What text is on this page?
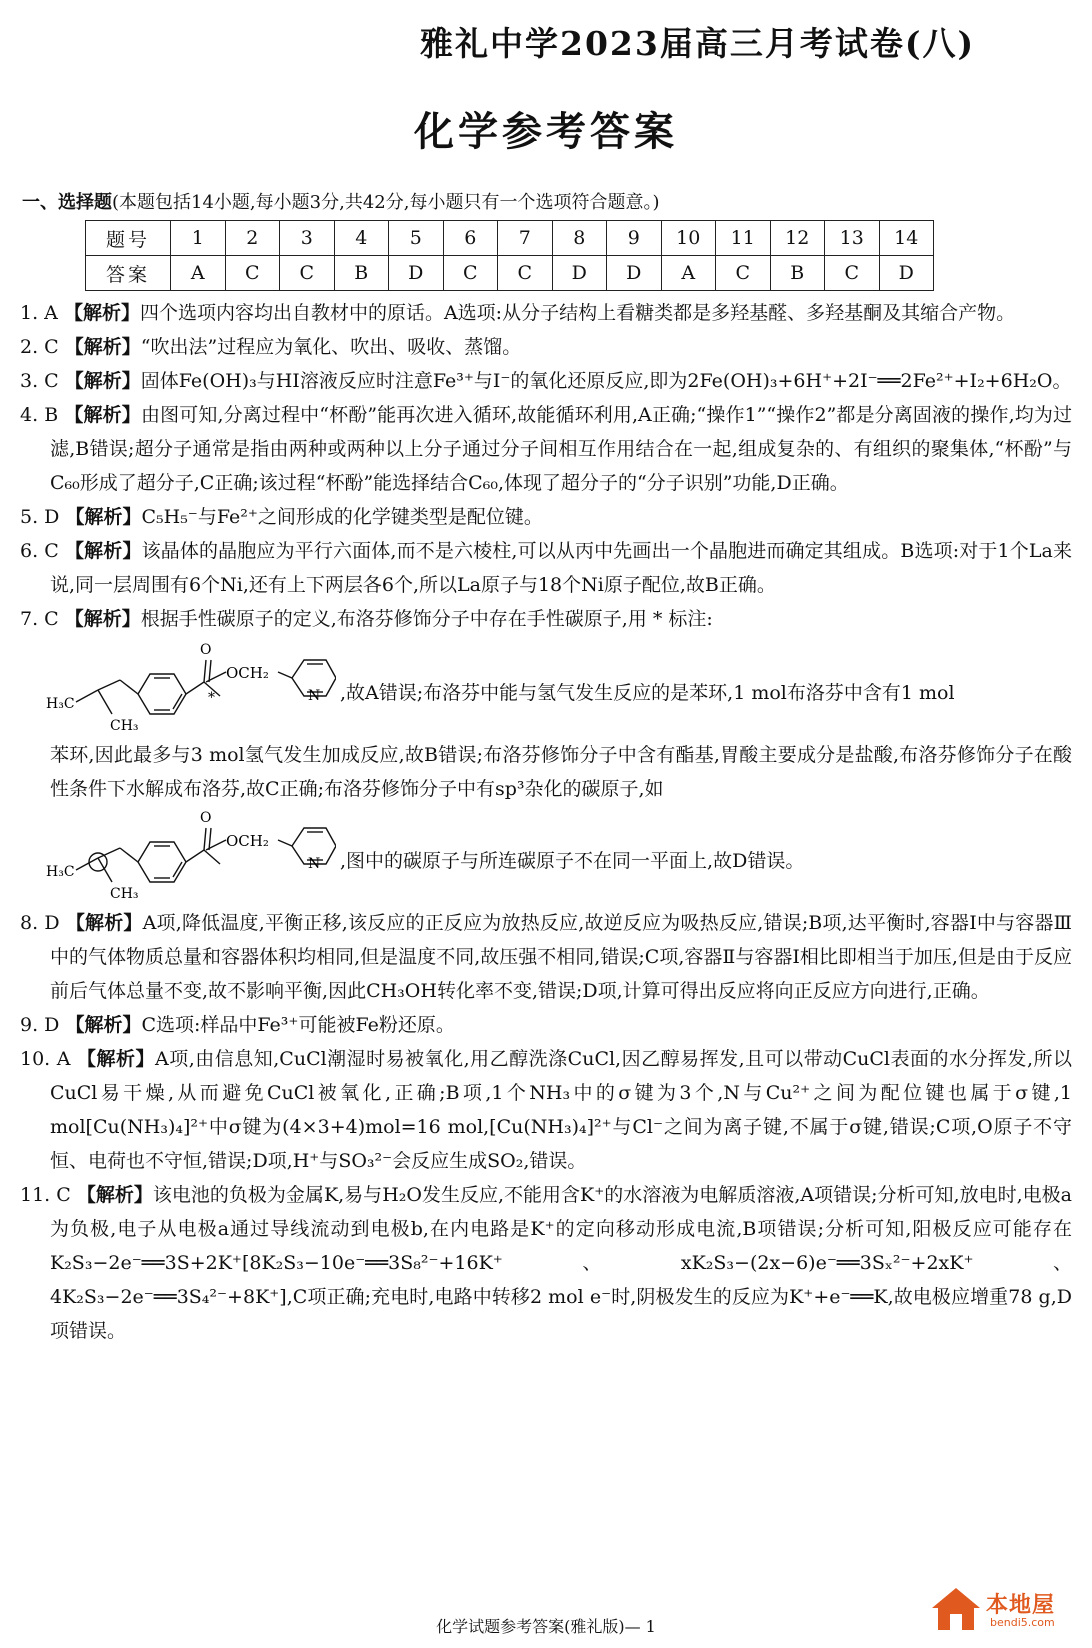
雅礼中学2023届高三月考试卷(八)
化学参考答案
一、选择题(本题包括14小题,每小题3分,共42分,每小题只有一个选项符合题意。)
题号	1	2	3	4	5	6	7	8	9	10	11	12	13	14
答案	A	C	C	B	D	C	C	D	D	A	C	B	C	D

1. A 【解析】四个选项内容均出自教材中的原话。A选项:从分子结构上看糖类都是多羟基醛、多羟基酮及其缩合产物。

2. C 【解析】“吹出法”过程应为氧化、吹出、吸收、蒸馏。

3. C 【解析】固体Fe(OH)₃与HI溶液反应时注意Fe³⁺与I⁻的氧化还原反应,即为2Fe(OH)₃+6H⁺+2I⁻══2Fe²⁺+I₂+6H₂O。

4. B 【解析】由图可知,分离过程中“杯酚”能再次进入循环,故能循环利用,A正确;“操作1”“操作2”都是分离固液的操作,均为过滤,B错误;超分子通常是指由两种或两种以上分子通过分子间相互作用结合在一起,组成复杂的、有组织的聚集体,“杯酚”与C₆₀形成了超分子,C正确;该过程“杯酚”能选择结合C₆₀,体现了超分子的“分子识别”功能,D正确。

5. D 【解析】C₅H₅⁻与Fe²⁺之间形成的化学键类型是配位键。

6. C 【解析】该晶体的晶胞应为平行六面体,而不是六棱柱,可以从丙中先画出一个晶胞进而确定其组成。B选项:对于1个La来说,同一层周围有6个Ni,还有上下两层各6个,所以La原子与18个Ni原子配位,故B正确。

7. C 【解析】根据手性碳原子的定义,布洛芬修饰分子中存在手性碳原子,用 * 标注:

O
OCH₂
N
H₃C
CH₃
*	,故A错误;布洛芬中能与氢气发生反应的是苯环,1 mol布洛芬中含有1 mol

苯环,因此最多与3 mol氢气发生加成反应,故B错误;布洛芬修饰分子中含有酯基,胃酸主要成分是盐酸,布洛芬修饰分子在酸性条件下水解成布洛芬,故C正确;布洛芬修饰分子中有sp³杂化的碳原子,如

O
OCH₂
N
H₃C
CH₃
,图中的碳原子与所连碳原子不在同一平面上,故D错误。

8. D 【解析】A项,降低温度,平衡正移,该反应的正反应为放热反应,故逆反应为吸热反应,错误;B项,达平衡时,容器Ⅰ中与容器Ⅲ中的气体物质总量和容器体积均相同,但是温度不同,故压强不相同,错误;C项,容器Ⅱ与容器Ⅰ相比即相当于加压,但是由于反应前后气体总量不变,故不影响平衡,因此CH₃OH转化率不变,错误;D项,计算可得出反应将向正反应方向进行,正确。

9. D 【解析】C选项:样品中Fe³⁺可能被Fe粉还原。

10. A 【解析】A项,由信息知,CuCl潮湿时易被氧化,用乙醇洗涤CuCl,因乙醇易挥发,且可以带动CuCl表面的水分挥发,所以CuCl易干燥,从而避免CuCl被氧化,正确;B项,1个NH₃中的σ键为3个,N与Cu²⁺之间为配位键也属于σ键,1 mol[Cu(NH₃)₄]²⁺中σ键为(4×3+4)mol=16 mol,[Cu(NH₃)₄]²⁺与Cl⁻之间为离子键,不属于σ键,错误;C项,O原子不守恒、电荷也不守恒,错误;D项,H⁺与SO₃²⁻会反应生成SO₂,错误。

11. C 【解析】该电池的负极为金属K,易与H₂O发生反应,不能用含K⁺的水溶液为电解质溶液,A项错误;分析可知,放电时,电极a为负极,电子从电极a通过导线流动到电极b,在内电路是K⁺的定向移动形成电流,B项错误;分析可知,阳极反应可能存在K₂S₃−2e⁻══3S+2K⁺[8K₂S₃−10e⁻══3S₈²⁻+16K⁺、xK₂S₃−(2x−6)e⁻══3Sₓ²⁻+2xK⁺、4K₂S₃−2e⁻══3S₄²⁻+8K⁺],C项正确;充电时,电路中转移2 mol e⁻时,阴极发生的反应为K⁺+e⁻══K,故电极应增重78 g,D项错误。

化学试题参考答案(雅礼版)— 1
本地屋
bendi5.com
